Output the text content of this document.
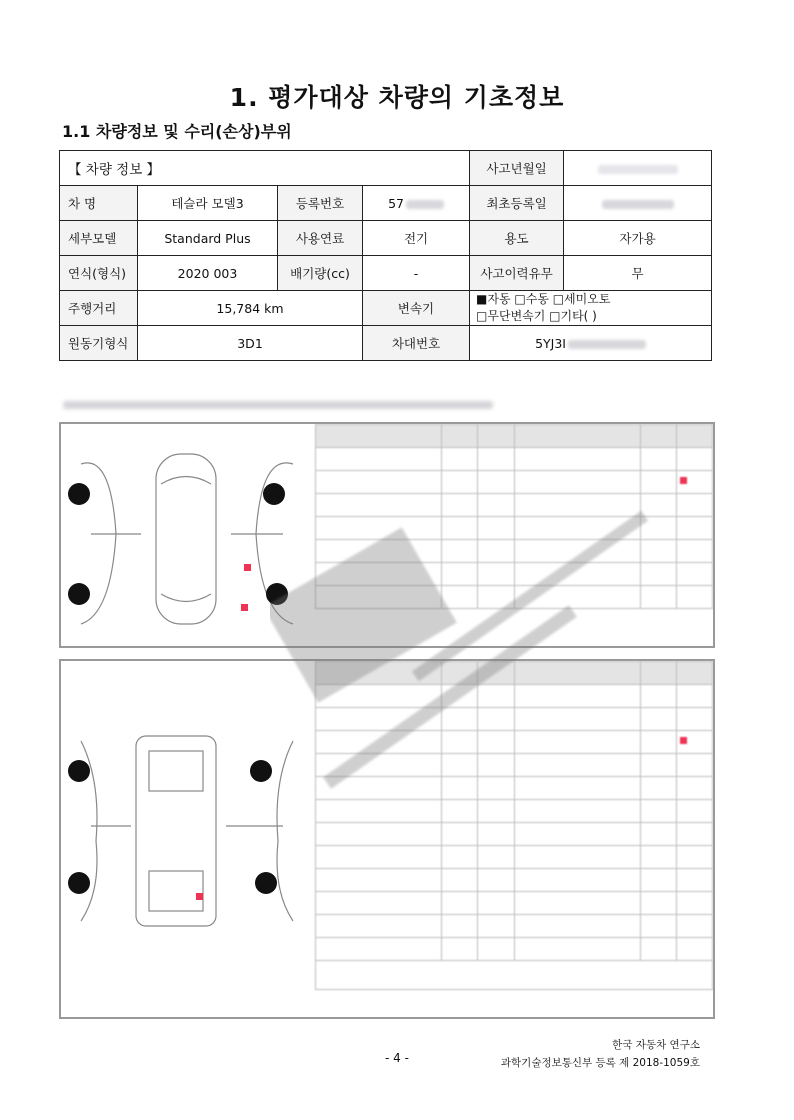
1. 평가대상 차량의 기초정보
1.1 차량정보 및 수리(손상)부위
【 차량 정보 】				사고년월일	
차 명	테슬라 모델3	등록번호	57	최초등록일	
세부모델	Standard Plus	사용연료	전기	용도	자가용
연식(형식)	2020 003	배기량(cc)	-	사고이력유무	무
주행거리	15,784 km		변속기	■자동 □수동 □세미오토
□무단변속기 □기타( )	

원동기형식	3D1		차대번호	5YJ3I	

한국 자동차 연구소
과학기술정보통신부 등록 제 2018-1059호
- 4 -
